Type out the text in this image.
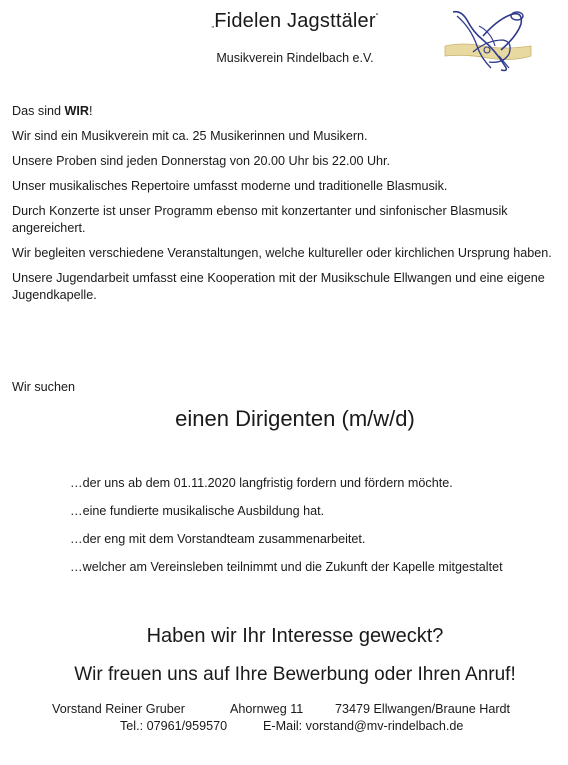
„Fidelen Jagsttäler“
Musikverein Rindelbach e.V.

Das sind WIR!

Wir sind ein Musikverein mit ca. 25 Musikerinnen und Musikern.

Unsere Proben sind jeden Donnerstag von 20.00 Uhr bis 22.00 Uhr.

Unser musikalisches Repertoire umfasst moderne und traditionelle Blasmusik.

Durch Konzerte ist unser Programm ebenso mit konzertanter und sinfonischer Blasmusik angereichert.

Wir begleiten verschiedene Veranstaltungen, welche kultureller oder kirchlichen Ursprung haben.

Unsere Jugendarbeit umfasst eine Kooperation mit der Musikschule Ellwangen und eine eigene Jugendkapelle.

Wir suchen
einen Dirigenten (m/w/d)
…der uns ab dem 01.11.2020 langfristig fordern und fördern möchte.
…eine fundierte musikalische Ausbildung hat.
…der eng mit dem Vorstandteam zusammenarbeitet.
…welcher am Vereinsleben teilnimmt und die Zukunft der Kapelle mitgestaltet
Haben wir Ihr Interesse geweckt?
Wir freuen uns auf Ihre Bewerbung oder Ihren Anruf!
Vorstand Reiner Gruber	Ahornweg 11	73479 Ellwangen/Braune Hardt
Tel.: 07961/959570	E-Mail: vorstand@mv-rindelbach.de
